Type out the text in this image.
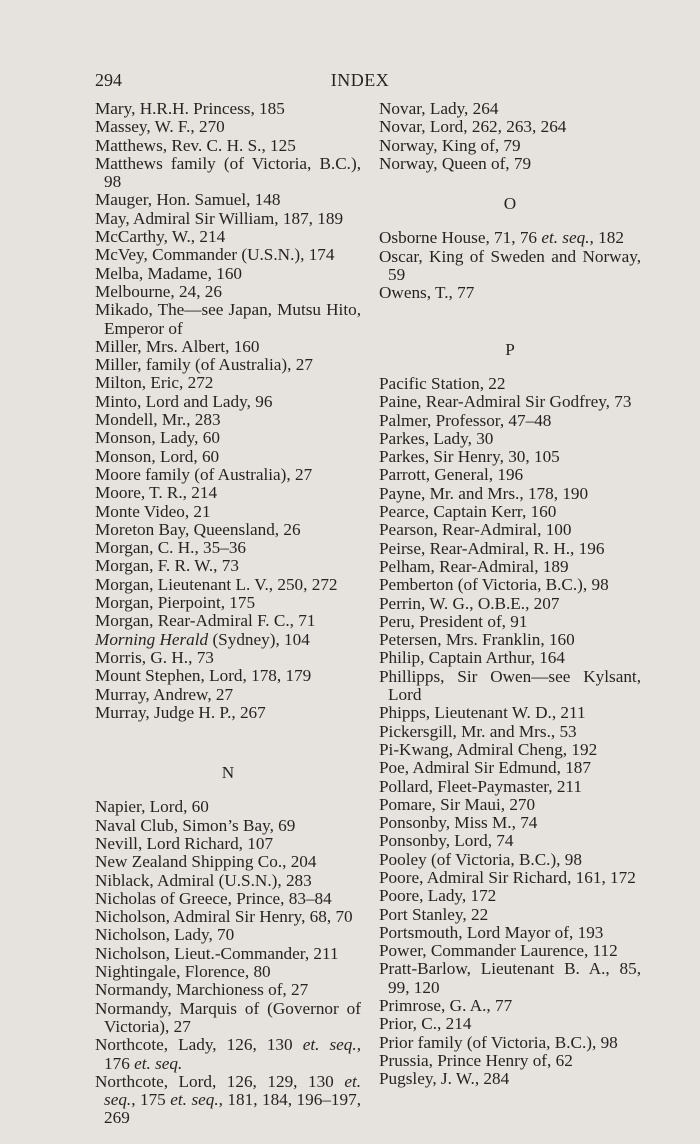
294	INDEX
Mary, H.R.H. Princess, 185
Massey, W. F., 270
Matthews, Rev. C. H. S., 125
Matthews family (of Victoria, B.C.), 98
Mauger, Hon. Samuel, 148
May, Admiral Sir William, 187, 189
McCarthy, W., 214
McVey, Commander (U.S.N.), 174
Melba, Madame, 160
Melbourne, 24, 26
Mikado, The—see Japan, Mutsu Hito, Emperor of
Miller, Mrs. Albert, 160
Miller, family (of Australia), 27
Milton, Eric, 272
Minto, Lord and Lady, 96
Mondell, Mr., 283
Monson, Lady, 60
Monson, Lord, 60
Moore family (of Australia), 27
Moore, T. R., 214
Monte Video, 21
Moreton Bay, Queensland, 26
Morgan, C. H., 35–36
Morgan, F. R. W., 73
Morgan, Lieutenant L. V., 250, 272
Morgan, Pierpoint, 175
Morgan, Rear-Admiral F. C., 71
Morning Herald (Sydney), 104
Morris, G. H., 73
Mount Stephen, Lord, 178, 179
Murray, Andrew, 27
Murray, Judge H. P., 267
N
Napier, Lord, 60
Naval Club, Simon’s Bay, 69
Nevill, Lord Richard, 107
New Zealand Shipping Co., 204
Niblack, Admiral (U.S.N.), 283
Nicholas of Greece, Prince, 83–84
Nicholson, Admiral Sir Henry, 68, 70
Nicholson, Lady, 70
Nicholson, Lieut.-Commander, 211
Nightingale, Florence, 80
Normandy, Marchioness of, 27
Normandy, Marquis of (Governor of Victoria), 27
Northcote, Lady, 126, 130 et. seq., 176 et. seq.
Northcote, Lord, 126, 129, 130 et. seq., 175 et. seq., 181, 184, 196–197, 269
Novar, Lady, 264
Novar, Lord, 262, 263, 264
Norway, King of, 79
Norway, Queen of, 79
O
Osborne House, 71, 76 et. seq., 182
Oscar, King of Sweden and Norway, 59
Owens, T., 77
P
Pacific Station, 22
Paine, Rear-Admiral Sir Godfrey, 73
Palmer, Professor, 47–48
Parkes, Lady, 30
Parkes, Sir Henry, 30, 105
Parrott, General, 196
Payne, Mr. and Mrs., 178, 190
Pearce, Captain Kerr, 160
Pearson, Rear-Admiral, 100
Peirse, Rear-Admiral, R. H., 196
Pelham, Rear-Admiral, 189
Pemberton (of Victoria, B.C.), 98
Perrin, W. G., O.B.E., 207
Peru, President of, 91
Petersen, Mrs. Franklin, 160
Philip, Captain Arthur, 164
Phillipps, Sir Owen—see Kylsant, Lord
Phipps, Lieutenant W. D., 211
Pickersgill, Mr. and Mrs., 53
Pi-Kwang, Admiral Cheng, 192
Poe, Admiral Sir Edmund, 187
Pollard, Fleet-Paymaster, 211
Pomare, Sir Maui, 270
Ponsonby, Miss M., 74
Ponsonby, Lord, 74
Pooley (of Victoria, B.C.), 98
Poore, Admiral Sir Richard, 161, 172
Poore, Lady, 172
Port Stanley, 22
Portsmouth, Lord Mayor of, 193
Power, Commander Laurence, 112
Pratt-Barlow, Lieutenant B. A., 85, 99, 120
Primrose, G. A., 77
Prior, C., 214
Prior family (of Victoria, B.C.), 98
Prussia, Prince Henry of, 62
Pugsley, J. W., 284
